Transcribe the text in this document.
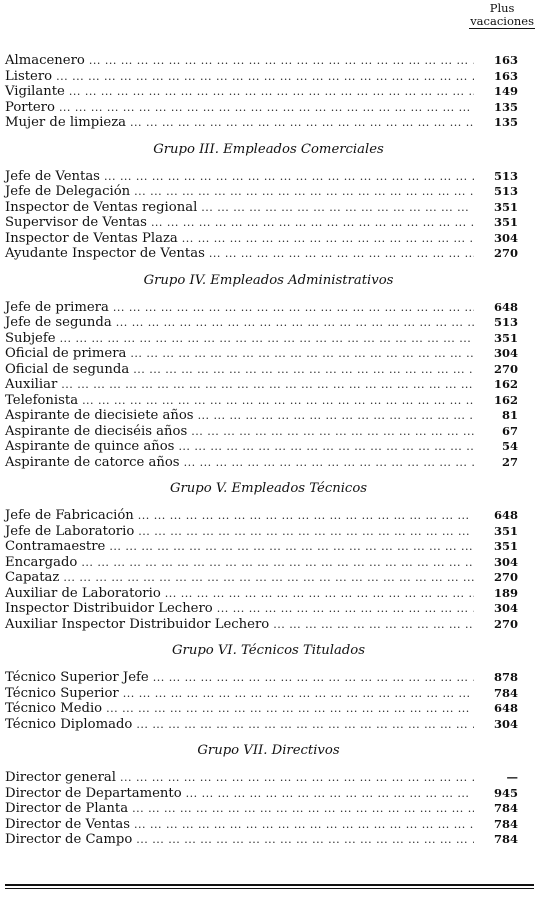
Plus
vacaciones
Almacenero ... .	163
Listero ... .	163
Vigilante ... .	149
Portero ... .	135
Mujer de limpieza ... .	135
Grupo III. Empleados Comerciales
Jefe de Ventas ... .	513
Jefe de Delegación ... .	513
Inspector de Ventas regional ... .	351
Supervisor de Ventas ... .	351
Inspector de Ventas Plaza ... .	304
Ayudante Inspector de Ventas ... .	270
Grupo IV. Empleados Administrativos
Jefe de primera ... .	648
Jefe de segunda ... .	513
Subjefe ... .	351
Oficial de primera ... .	304
Oficial de segunda ... .	270
Auxiliar ... .	162
Telefonista ... .	162
Aspirante de diecisiete años ... .	81
Aspirante de dieciséis años ... .	67
Aspirante de quince años ... .	54
Aspirante de catorce años ... .	27
Grupo V. Empleados Técnicos
Jefe de Fabricación ... .	648
Jefe de Laboratorio ... .	351
Contramaestre ... .	351
Encargado ... .	304
Capataz ... .	270
Auxiliar de Laboratorio ... .	189
Inspector Distribuidor Lechero ... .	304
Auxiliar Inspector Distribuidor Lechero ... .	270
Grupo VI. Técnicos Titulados
Técnico Superior Jefe ... .	878
Técnico Superior ... .	784
Técnico Medio ... .	648
Técnico Diplomado ... .	304
Grupo VII. Directivos
Director general ... .	—
Director de Departamento ... .	945
Director de Planta ... .	784
Director de Ventas ... .	784
Director de Campo ... .	784
